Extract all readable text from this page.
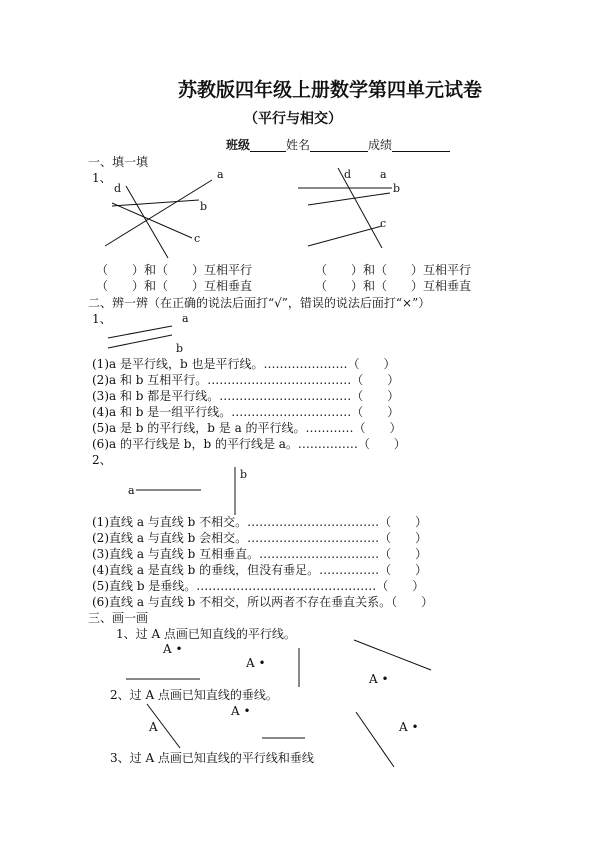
苏教版四年级上册数学第四单元试卷
（平行与相交）
班级	姓名	成绩
一、填一填
1、	a
b
c
d
a
b
c
d
a
b
a
b
（　　）和（　　）互相平行	（　　）和（　　）互相平行
（　　）和（　　）互相垂直	（　　）和（　　）互相垂直
二、辨一辨（在正确的说法后面打“√”，错误的说法后面打“×”）
1、
(1)a 是平行线，b 也是平行线。…………………（　　）
(2)a 和 b 互相平行。………………………………（　　）
(3)a 和 b 都是平行线。……………………………（　　）
(4)a 和 b 是一组平行线。…………………………（　　）
(5)a 是 b 的平行线，b 是 a 的平行线。…………（　　）
(6)a 的平行线是 b，b 的平行线是 a。……………（　　）
2、
(1)直线 a 与直线 b 不相交。……………………………（　　）
(2)直线 a 与直线 b 会相交。……………………………（　　）
(3)直线 a 与直线 b 互相垂直。…………………………（　　）
(4)直线 a 是直线 b 的垂线，但没有垂足。……………（　　）
(5)直线 b 是垂线。………………………………………（　　）
(6)直线 a 与直线 b 不相交，所以两者不存在垂直关系。（　　）
三、画一画
1、过 A 点画已知直线的平行线。
A •
A •
A •
2、过 A 点画已知直线的垂线。
A •
A	A •
3、过 A 点画已知直线的平行线和垂线
